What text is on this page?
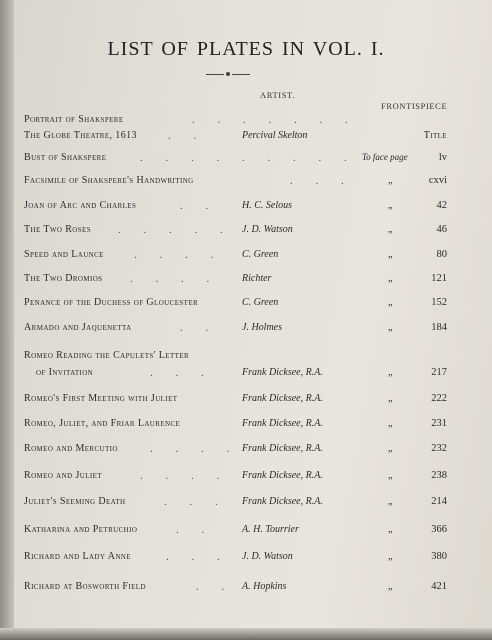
LIST OF PLATES IN VOL. I.
ARTIST.
FRONTISPIECE
Portrait of Shakspere	. . . . . . .
The Globe Theatre, 1613	. .	Percival Skelton	Title
Bust of Shakspere	. . . . . . . . . To face page	lv
Facsimile of Shakspere's Handwriting	. . .	„	cxvi
Joan of Arc and Charles	. . H. C. Selous	„	42
The Two Roses . . . . . J. D. Watson	„	46
Speed and Launce	. . . . C. Green	„	80
The Two Dromios	. . . . Richter	„	121
Penance of the Duchess of Gloucester	C. Green	„	152
Armado and Jaquenetta	. . J. Holmes	„	184
Romeo Reading the Capulets' Letter
of Invitation	. . .	Frank Dicksee, R.A.	„	217
Romeo's First Meeting with Juliet	Frank Dicksee, R.A.	„	222
Romeo, Juliet, and Friar Laurence	Frank Dicksee, R.A.	„	231
Romeo and Mercutio	. . . . Frank Dicksee, R.A.	„	232
Romeo and Juliet	. . . . Frank Dicksee, R.A.	„	238
Juliet's Seeming Death	. . . Frank Dicksee, R.A.	„	214
Katharina and Petruchio	. .	A. H. Tourrier	„	366
Richard and Lady Anne	. . . J. D. Watson	„	380
Richard at Bosworth Field	. . A. Hopkins	„	421
